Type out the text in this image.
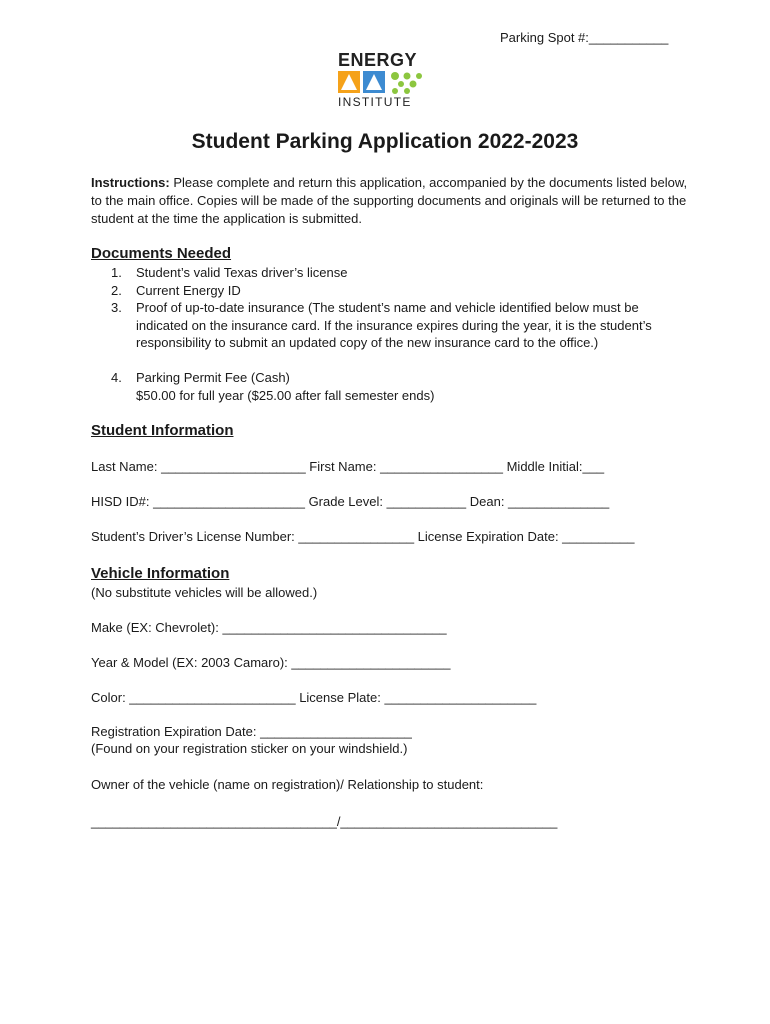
Parking Spot #:___________
ENERGY
INSTITUTE
Student Parking Application 2022-2023
Instructions: Please complete and return this application, accompanied by the documents listed below, to the main office. Copies will be made of the supporting documents and originals will be returned to the student at the time the application is submitted.
Documents Needed
1.	Student’s valid Texas driver’s license
2.	Current Energy ID
3.	Proof of up-to-date insurance (The student’s name and vehicle identified below must be indicated on the insurance card. If the insurance expires during the year, it is the student’s responsibility to submit an updated copy of the new insurance card to the office.)
4.	Parking Permit Fee (Cash)
$50.00 for full year ($25.00 after fall semester ends)
Student Information
Last Name: ____________________ First Name: _________________ Middle Initial:___
HISD ID#: _____________________ Grade Level: ___________ Dean: ______________
Student’s Driver’s License Number: ________________ License Expiration Date: __________
Vehicle Information
(No substitute vehicles will be allowed.)
Make (EX: Chevrolet): _______________________________
Year & Model (EX: 2003 Camaro): ______________________
Color: _______________________ License Plate: _____________________
Registration Expiration Date: _____________________
(Found on your registration sticker on your windshield.)
Owner of the vehicle (name on registration)/ Relationship to student:
__________________________________/______________________________
